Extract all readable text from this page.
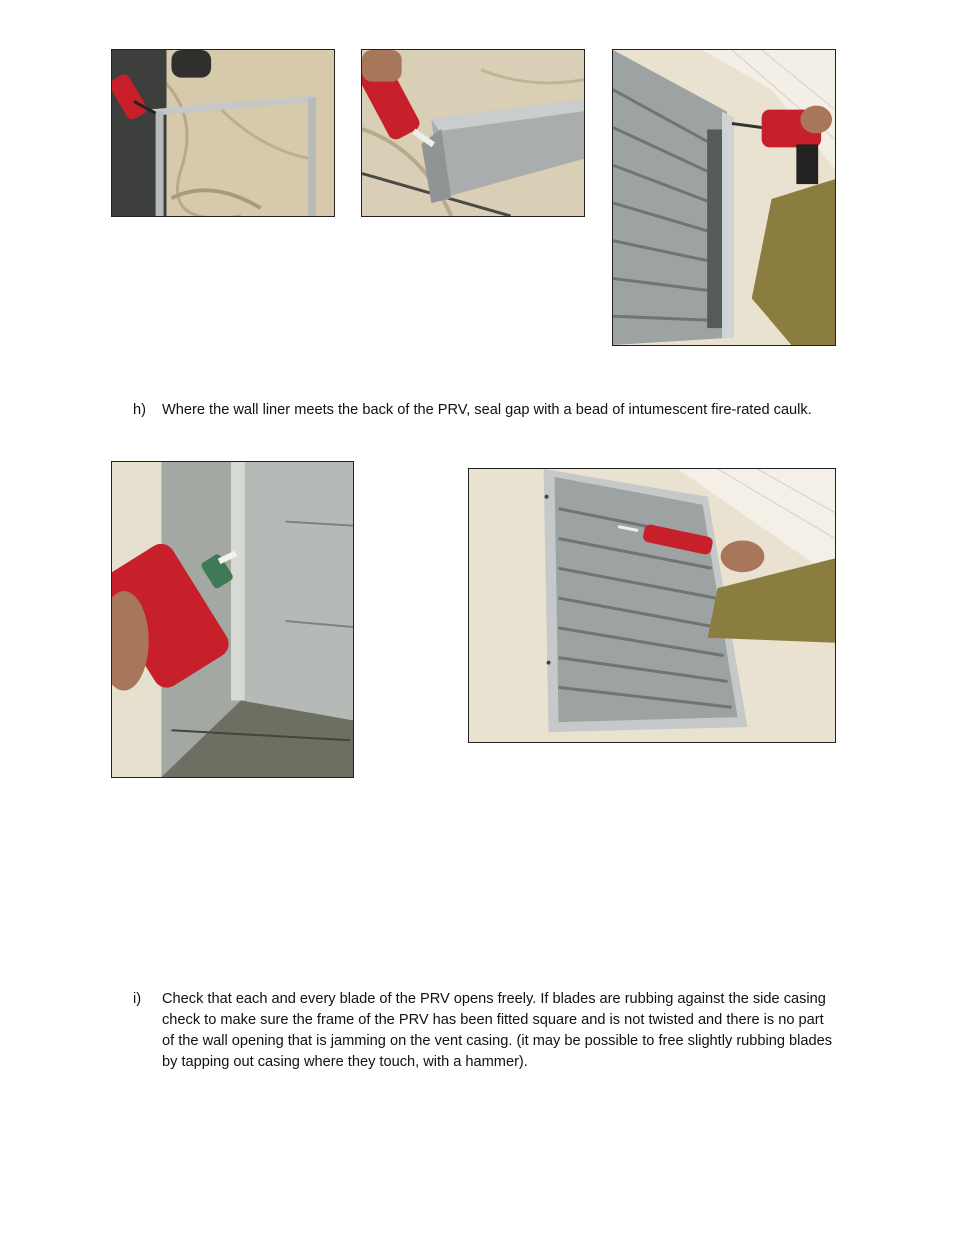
h)	Where the wall liner meets the back of the PRV, seal gap with a bead of intumescent fire-rated caulk.
i)	Check that each and every blade of the PRV opens freely. If blades are rubbing against the side casing check to make sure the frame of the PRV has been fitted square and is not twisted and there is no part of the wall opening that is jamming on the vent casing. (it may be possible to free slightly rubbing blades by tapping out casing where they touch, with a hammer).
